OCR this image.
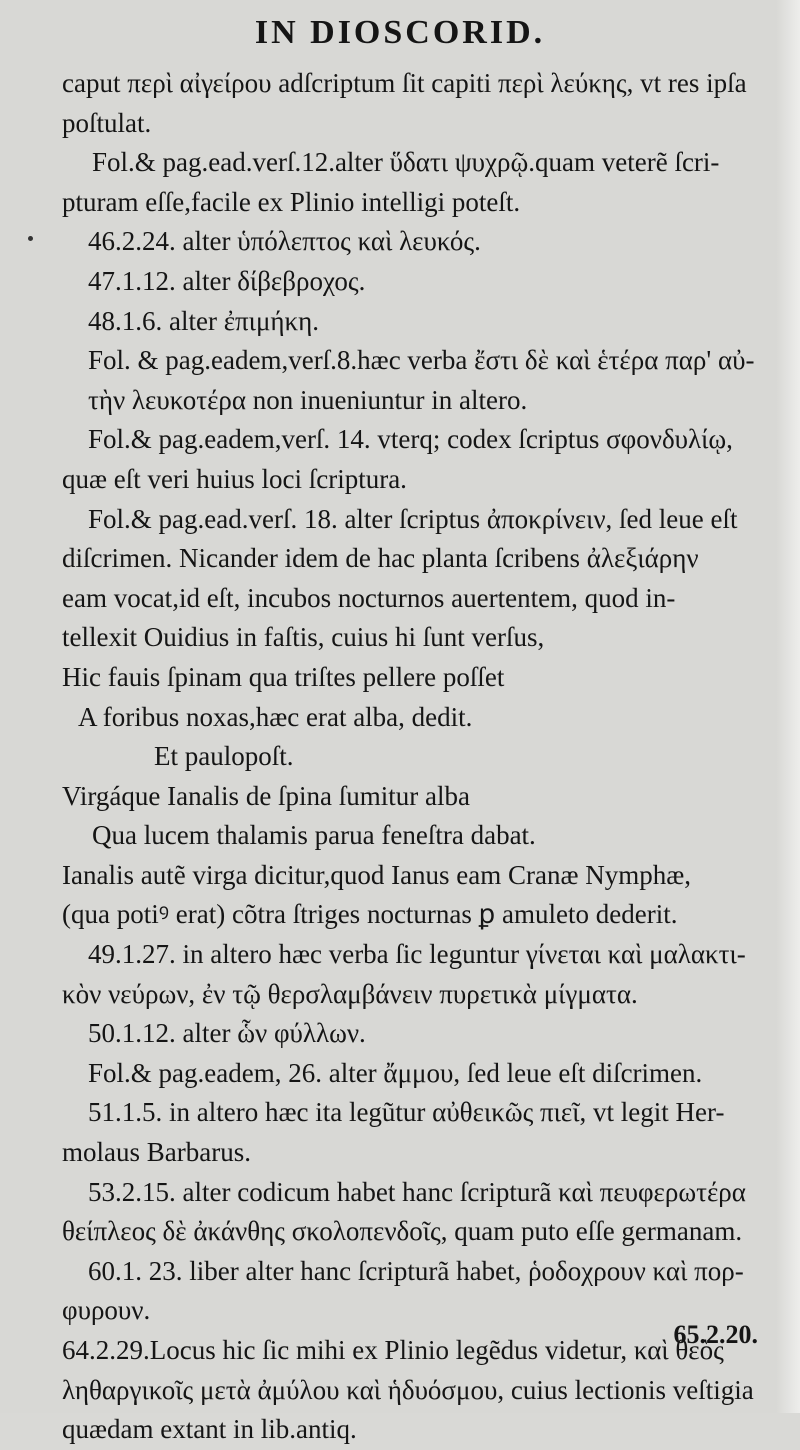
IN DIOSCORID.
caput περὶ αἰγείρου adſcriptum ſit capiti περὶ λεύκης, vt res ipſa
poſtulat.
Fol.& pag.ead.verſ.12.alter ὕδατι ψυχρῷ.quam veterẽ ſcri-
pturam eſſe,facile ex Plinio intelligi poteſt.
46.2.24. alter ὑπόλεπτος καὶ λευκός.
47.1.12. alter δίβεβροχος.
48.1.6. alter ἐπιμήκη.
Fol. & pag.eadem,verſ.8.hæc verba ἔστι δὲ καὶ ἑτέρα παρ' αὐ-
τὴν λευκοτέρα non inueniuntur in altero.
Fol.& pag.eadem,verſ. 14. vterq; codex ſcriptus σφονδυλίῳ,
quæ eſt veri huius loci ſcriptura.
Fol.& pag.ead.verſ. 18. alter ſcriptus ἀποκρίνειν, ſed leue eſt
diſcrimen. Nicander idem de hac planta ſcribens ἀλεξιάρην
eam vocat,id eſt, incubos nocturnos auertentem, quod in-
tellexit Ouidius in faſtis, cuius hi ſunt verſus,
Hic fauis ſpinam qua triſtes pellere poſſet
A foribus noxas,hæc erat alba, dedit.
Et paulopoſt.
Virgáque Ianalis de ſpina ſumitur alba
Qua lucem thalamis parua feneſtra dabat.
Ianalis autẽ virga dicitur,quod Ianus eam Cranæ Nymphæ,
(qua potiꝰ erat) cõtra ſtriges nocturnas ꝑ amuleto dederit.
49.1.27. in altero hæc verba ſic leguntur γίνεται καὶ μαλακτι-
κὸν νεύρων, ἐν τῷ θερσλαμβάνειν πυρετικὰ μίγματα.
50.1.12. alter ὧν φύλλων.
Fol.& pag.eadem, 26. alter ἄμμου, ſed leue eſt diſcrimen.
51.1.5. in altero hæc ita legũtur αὐθεικῶς πιεῖ, vt legit Her-
molaus Barbarus.
53.2.15. alter codicum habet hanc ſcripturã καὶ πευφερωτέρα
θείπλεος δὲ ἀκάνθης σκολοπενδοῖς, quam puto eſſe germanam.
60.1. 23. liber alter hanc ſcripturã habet, ῥοδοχρουν καὶ πορ-
φυρουν.
64.2.29.Locus hic ſic mihi ex Plinio legẽdus videtur, καὶ θεὸς
ληθαργικοῖς μετὰ ἀμύλου καὶ ἡδυόσμου, cuius lectionis veſtigia
quædam extant in lib.antiq.
65.2.20.
